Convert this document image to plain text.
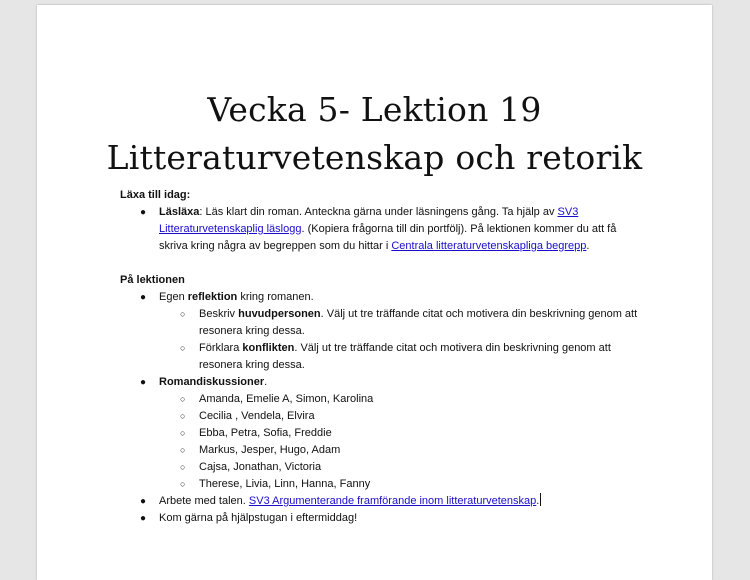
Vecka 5- Lektion 19
Litteraturvetenskap och retorik

Läxa till idag:

● Läsläxa: Läs klart din roman. Anteckna gärna under läsningens gång. Ta hjälp av SV3 Litteraturvetenskaplig läslogg. (Kopiera frågorna till din portfölj). På lektionen kommer du att få skriva kring några av begreppen som du hittar i Centrala litteraturvetenskapliga begrepp.

På lektionen

● Egen reflektion kring romanen.
○ Beskriv huvudpersonen. Välj ut tre träffande citat och motivera din beskrivning genom att resonera kring dessa.
○ Förklara konflikten. Välj ut tre träffande citat och motivera din beskrivning genom att resonera kring dessa.
● Romandiskussioner.
○ Amanda, Emelie A, Simon, Karolina
○ Cecilia , Vendela, Elvira
○ Ebba, Petra, Sofia, Freddie
○ Markus, Jesper, Hugo, Adam
○ Cajsa, Jonathan, Victoria
○ Therese, Livia, Linn, Hanna, Fanny
● Arbete med talen. SV3 Argumenterande framförande inom litteraturvetenskap.
● Kom gärna på hjälpstugan i eftermiddag!
